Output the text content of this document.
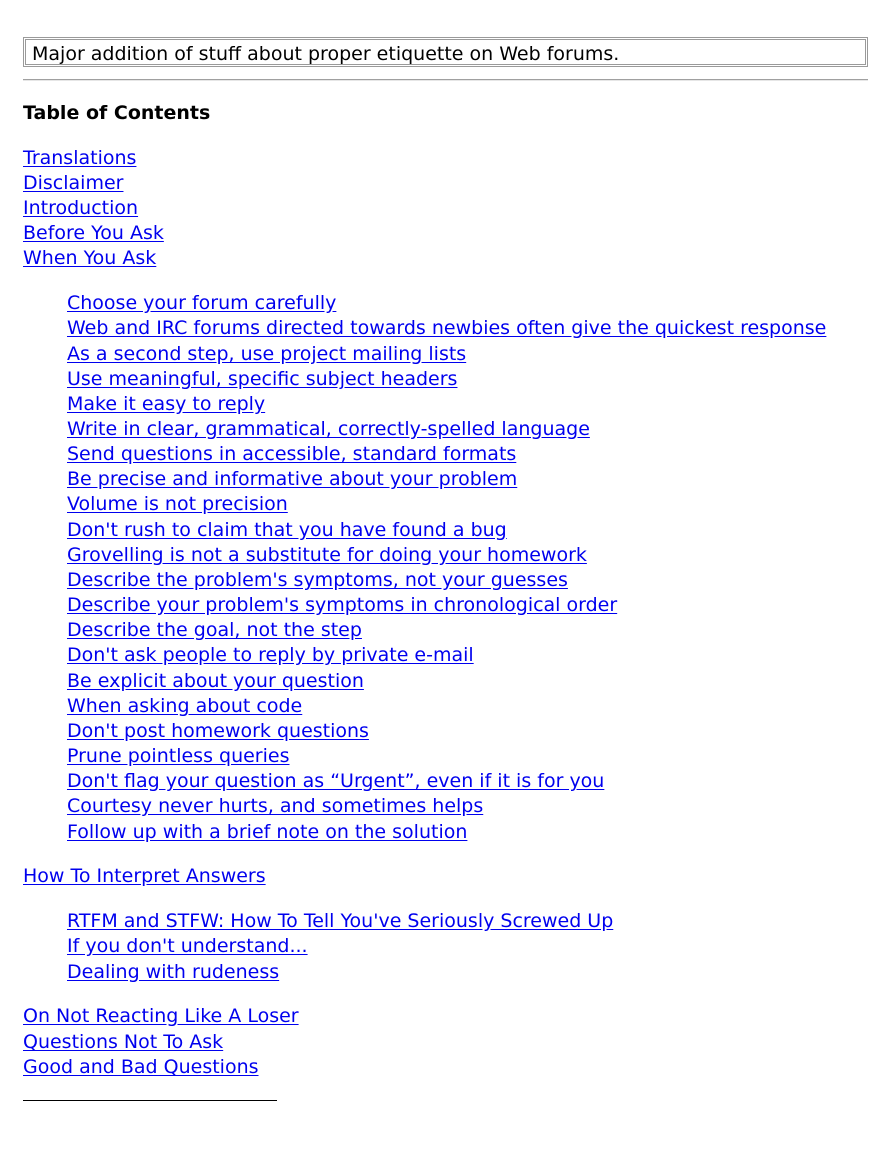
Major addition of stuff about proper etiquette on Web forums.
Table of Contents
Translations
Disclaimer
Introduction
Before You Ask
When You Ask
Choose your forum carefully
Web and IRC forums directed towards newbies often give the quickest response
As a second step, use project mailing lists
Use meaningful, specific subject headers
Make it easy to reply
Write in clear, grammatical, correctly-spelled language
Send questions in accessible, standard formats
Be precise and informative about your problem
Volume is not precision
Don't rush to claim that you have found a bug
Grovelling is not a substitute for doing your homework
Describe the problem's symptoms, not your guesses
Describe your problem's symptoms in chronological order
Describe the goal, not the step
Don't ask people to reply by private e-mail
Be explicit about your question
When asking about code
Don't post homework questions
Prune pointless queries
Don't flag your question as “Urgent”, even if it is for you
Courtesy never hurts, and sometimes helps
Follow up with a brief note on the solution
How To Interpret Answers
RTFM and STFW: How To Tell You've Seriously Screwed Up
If you don't understand...
Dealing with rudeness
On Not Reacting Like A Loser
Questions Not To Ask
Good and Bad Questions
